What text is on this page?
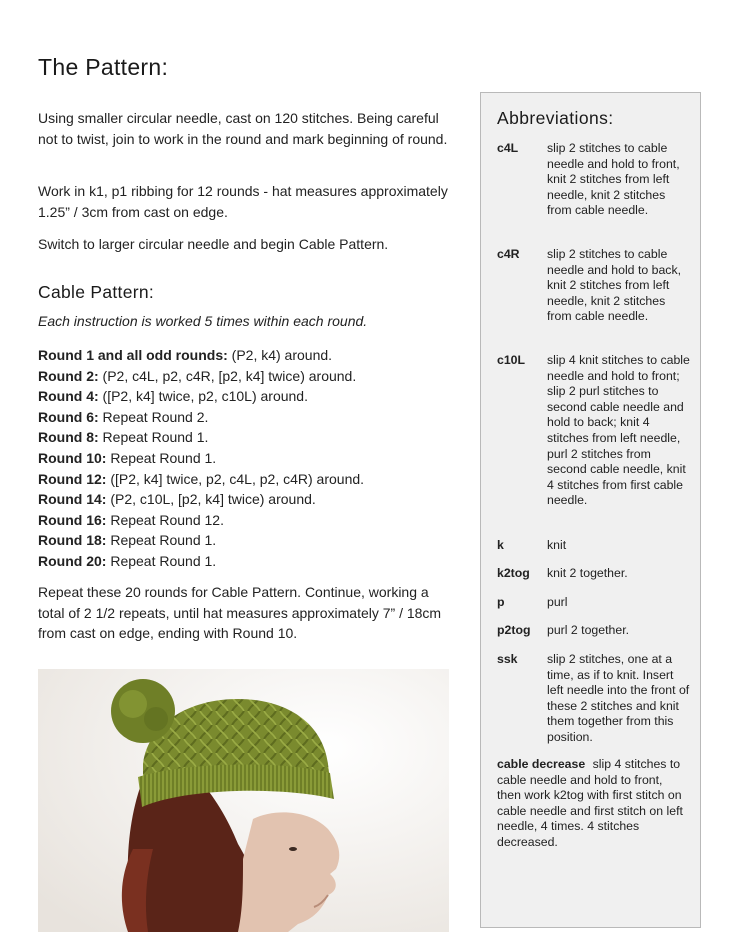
The Pattern:
Using smaller circular needle, cast on 120 stitches. Being careful not to twist, join to work in the round and mark beginning of round.
Work in k1, p1 ribbing for 12 rounds - hat measures approximately 1.25” / 3cm from cast on edge.
Switch to larger circular needle and begin Cable Pattern.
Cable Pattern:
Each instruction is worked 5 times within each round.
Round 1 and all odd rounds: (P2, k4) around.
Round 2: (P2, c4L, p2, c4R, [p2, k4] twice) around.
Round 4: ([P2, k4] twice, p2, c10L) around.
Round 6: Repeat Round 2.
Round 8: Repeat Round 1.
Round 10: Repeat Round 1.
Round 12: ([P2, k4] twice, p2, c4L, p2, c4R) around.
Round 14: (P2, c10L, [p2, k4] twice) around.
Round 16: Repeat Round 12.
Round 18: Repeat Round 1.
Round 20: Repeat Round 1.
Repeat these 20 rounds for Cable Pattern. Continue, working a total of 2 1/2 repeats, until hat measures approximately 7” / 18cm from cast on edge, ending with Round 10.
Abbreviations:
c4L slip 2 stitches to cable needle and hold to front, knit 2 stitches from left needle, knit 2 stitches from cable needle.
c4R slip 2 stitches to cable needle and hold to back, knit 2 stitches from left needle, knit 2 stitches from cable needle.
c10L slip 4 knit stitches to cable needle and hold to front; slip 2 purl stitches to second cable needle and hold to back; knit 4 stitches from left needle, purl 2 stitches from second cable needle, knit 4 stitches from first cable needle.
k	knit
k2tog knit 2 together.
p	purl
p2tog purl 2 together.
ssk slip 2 stitches, one at a time, as if to knit. Insert left needle into the front of these 2 stitches and knit them together from this position.
cable decrease slip 4 stitches to cable needle and hold to front, then work k2tog with first stitch on cable needle and first stitch on left needle, 4 times. 4 stitches decreased.
